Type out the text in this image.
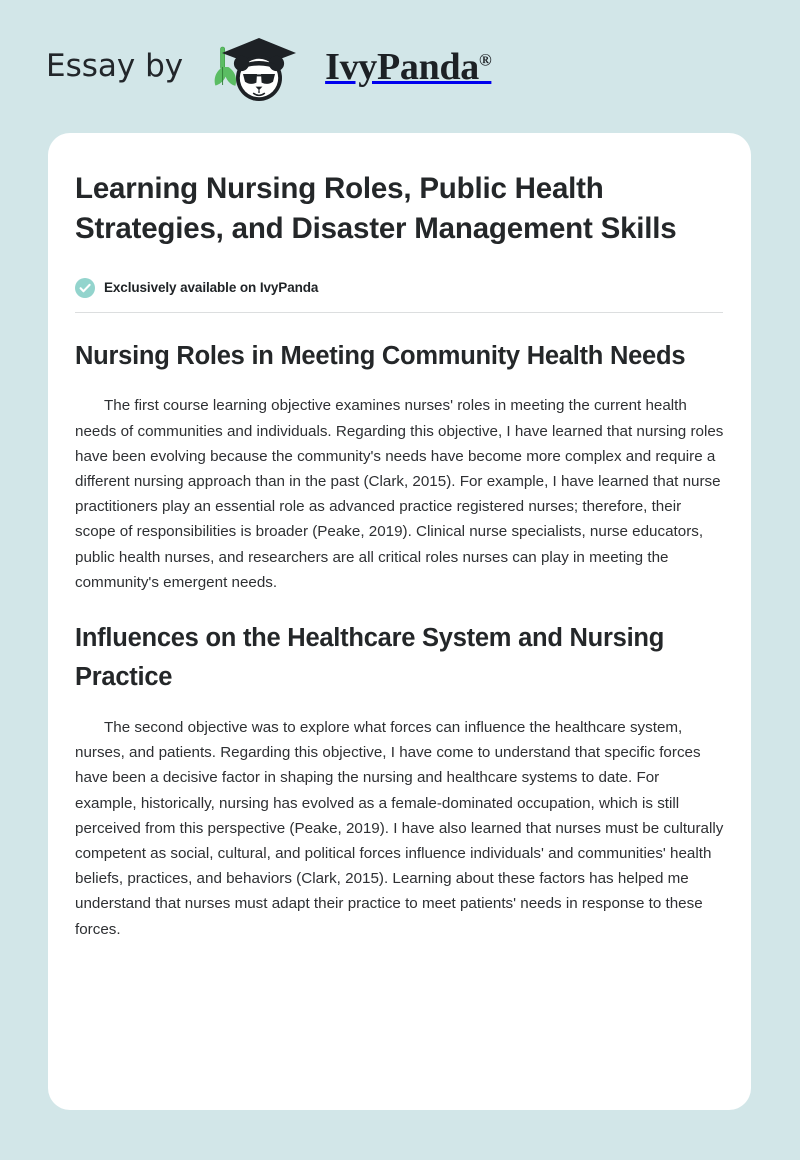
Essay by	IvyPanda®
Learning Nursing Roles, Public Health Strategies, and Disaster Management Skills
Exclusively available on IvyPanda
Nursing Roles in Meeting Community Health Needs

The first course learning objective examines nurses' roles in meeting the current health needs of communities and individuals. Regarding this objective, I have learned that nursing roles have been evolving because the community's needs have become more complex and require a different nursing approach than in the past (Clark, 2015). For example, I have learned that nurse practitioners play an essential role as advanced practice registered nurses; therefore, their scope of responsibilities is broader (Peake, 2019). Clinical nurse specialists, nurse educators, public health nurses, and researchers are all critical roles nurses can play in meeting the community's emergent needs.

Influences on the Healthcare System and Nursing Practice

The second objective was to explore what forces can influence the healthcare system, nurses, and patients. Regarding this objective, I have come to understand that specific forces have been a decisive factor in shaping the nursing and healthcare systems to date. For example, historically, nursing has evolved as a female-dominated occupation, which is still perceived from this perspective (Peake, 2019). I have also learned that nurses must be culturally competent as social, cultural, and political forces influence individuals' and communities' health beliefs, practices, and behaviors (Clark, 2015). Learning about these factors has helped me understand that nurses must adapt their practice to meet patients' needs in response to these forces.
